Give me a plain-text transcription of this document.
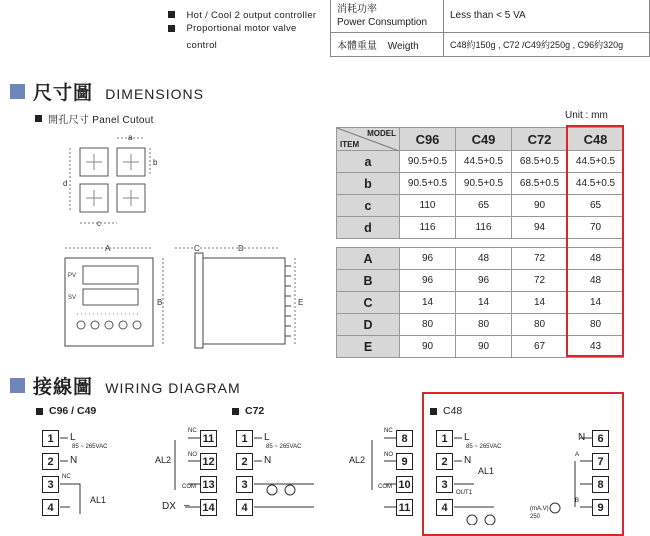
Hot / Cool 2 output controller
Proportional motor valve control
消耗功率
Power Consumption	Less than < 5 VA
本體重量 Weigth	C48約150g , C72 /C49約250g , C96約320g
尺寸圖 DIMENSIONS
開孔尺寸 Panel Cutout
a
b
d
c
A
B
C	D
E
PV
SV
Unit : mm
MODEL
ITEM	C96	C49	C72	C48
a	90.5+0.5	44.5+0.5	68.5+0.5	44.5+0.5
b	90.5+0.5	90.5+0.5	68.5+0.5	44.5+0.5
c	110	65	90	65
d	116	116	94	70

A	96	48	72	48
B	96	96	72	48
C	14	14	14	14
D	80	80	80	80
E	90	90	67	43
接線圖 WIRING DIAGRAM
C96 / C49	C72	C48
1
2
3
4
11
12
13
14
1
2
3
4
8
9
10
11
1
2
3
4
6
7
8
9
L
85 ~ 265VAC
N
NC
AL1
AL2
NC
NO
COM
DX –
L
85 ~ 265VAC
N	AL2
NC
NO
COM
L
85 ~ 265VAC
N
AL1
OUT1
N
A
B
(mA,V)
250
